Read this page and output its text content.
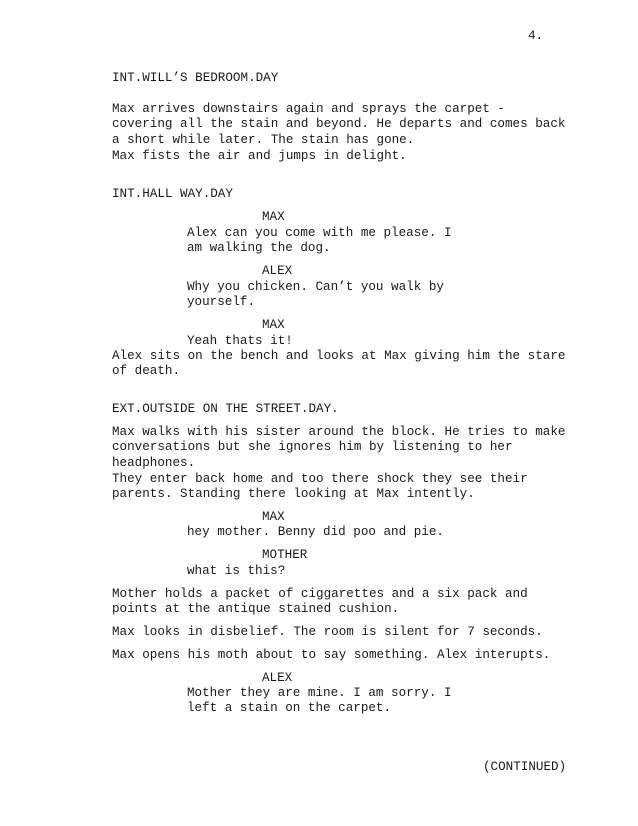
4.
INT.WILL’S BEDROOM.DAY
Max arrives downstairs again and sprays the carpet -
covering all the stain and beyond. He departs and comes back
a short while later. The stain has gone.
Max fists the air and jumps in delight.
INT.HALL WAY.DAY
MAX
Alex can you come with me please. I
am walking the dog.
ALEX
Why you chicken. Can’t you walk by
yourself.
MAX
Yeah thats it!
Alex sits on the bench and looks at Max giving him the stare
of death.
EXT.OUTSIDE ON THE STREET.DAY.
Max walks with his sister around the block. He tries to make
conversations but she ignores him by listening to her
headphones.
They enter back home and too there shock they see their
parents. Standing there looking at Max intently.
MAX
hey mother. Benny did poo and pie.
MOTHER
what is this?
Mother holds a packet of ciggarettes and a six pack and
points at the antique stained cushion.
Max looks in disbelief. The room is silent for 7 seconds.
Max opens his moth about to say something. Alex interupts.
ALEX
Mother they are mine. I am sorry. I
left a stain on the carpet.
(CONTINUED)
